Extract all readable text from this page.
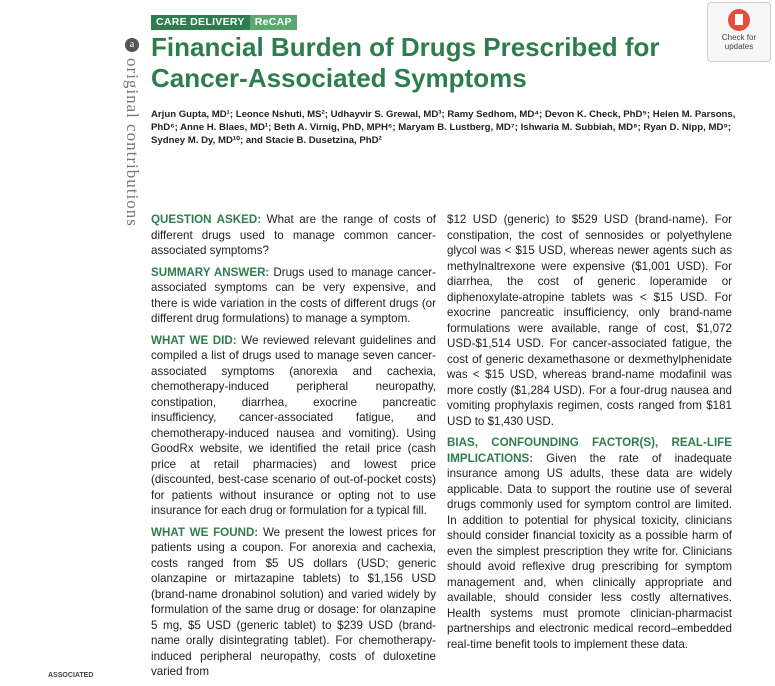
CARE DELIVERY ReCAP
a
original contributions
Financial Burden of Drugs Prescribed for Cancer-Associated Symptoms
Arjun Gupta, MD¹; Leonce Nshuti, MS²; Udhayvir S. Grewal, MD³; Ramy Sedhom, MD⁴; Devon K. Check, PhD⁵; Helen M. Parsons, PhD⁶; Anne H. Blaes, MD¹; Beth A. Virnig, PhD, MPH⁶; Maryam B. Lustberg, MD⁷; Ishwaria M. Subbiah, MD⁸; Ryan D. Nipp, MD⁹; Sydney M. Dy, MD¹⁰; and Stacie B. Dusetzina, PhD²
Check for updates

QUESTION ASKED: What are the range of costs of different drugs used to manage common cancer-associated symptoms?

SUMMARY ANSWER: Drugs used to manage cancer-associated symptoms can be very expensive, and there is wide variation in the costs of different drugs (or different drug formulations) to manage a symptom.

WHAT WE DID: We reviewed relevant guidelines and compiled a list of drugs used to manage seven cancer-associated symptoms (anorexia and cachexia, chemotherapy-induced peripheral neuropathy, constipation, diarrhea, exocrine pancreatic insufficiency, cancer-associated fatigue, and chemotherapy-induced nausea and vomiting). Using GoodRx website, we identified the retail price (cash price at retail pharmacies) and lowest price (discounted, best-case scenario of out-of-pocket costs) for patients without insurance or opting not to use insurance for each drug or formulation for a typical fill.

WHAT WE FOUND: We present the lowest prices for patients using a coupon. For anorexia and cachexia, costs ranged from $5 US dollars (USD; generic olanzapine or mirtazapine tablets) to $1,156 USD (brand-name dronabinol solution) and varied widely by formulation of the same drug or dosage: for olanzapine 5 mg, $5 USD (generic tablet) to $239 USD (brand-name orally disintegrating tablet). For chemotherapy-induced peripheral neuropathy, costs of duloxetine varied from

$12 USD (generic) to $529 USD (brand-name). For constipation, the cost of sennosides or polyethylene glycol was < $15 USD, whereas newer agents such as methylnaltrexone were expensive ($1,001 USD). For diarrhea, the cost of generic loperamide or diphenoxylate-atropine tablets was < $15 USD. For exocrine pancreatic insufficiency, only brand-name formulations were available, range of cost, $1,072 USD-$1,514 USD. For cancer-associated fatigue, the cost of generic dexamethasone or dexmethylphenidate was < $15 USD, whereas brand-name modafinil was more costly ($1,284 USD). For a four-drug nausea and vomiting prophylaxis regimen, costs ranged from $181 USD to $1,430 USD.

BIAS, CONFOUNDING FACTOR(S), REAL-LIFE IMPLICATIONS: Given the rate of inadequate insurance among US adults, these data are widely applicable. Data to support the routine use of several drugs commonly used for symptom control are limited. In addition to potential for physical toxicity, clinicians should consider financial toxicity as a possible harm of even the simplest prescription they write for. Clinicians should avoid reflexive drug prescribing for symptom management and, when clinically appropriate and available, should consider less costly alternatives. Health systems must promote clinician-pharmacist partnerships and electronic medical record–embedded real-time benefit tools to implement these data.

ASSOCIATED
